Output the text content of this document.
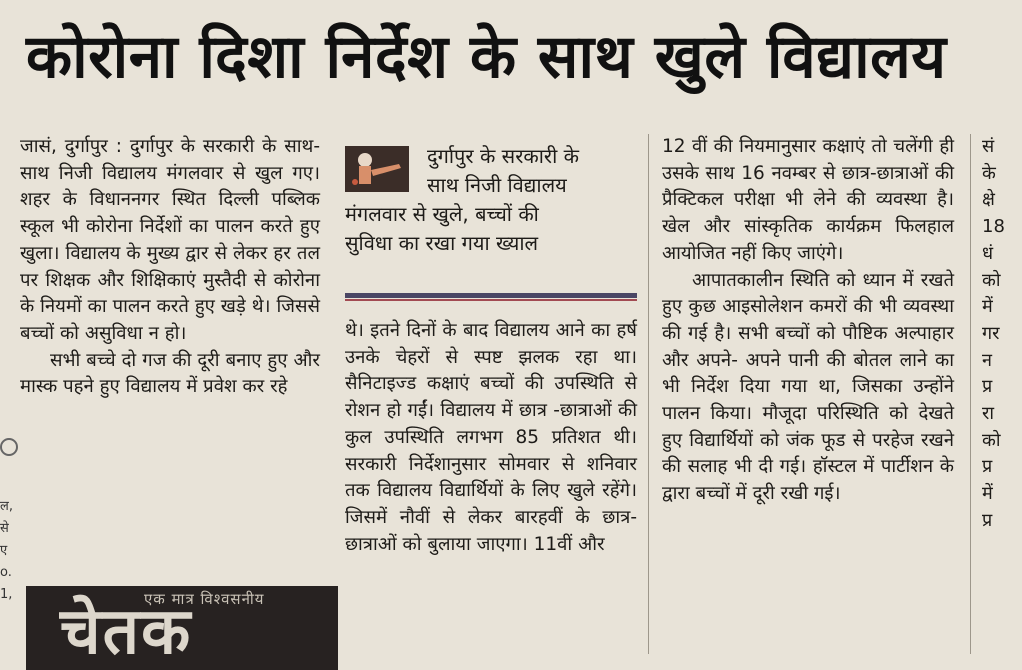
कोरोना दिशा निर्देश के साथ खुले विद्यालय

जासं, दुर्गापुर : दुर्गापुर के सरकारी के साथ-साथ निजी विद्यालय मंगलवार से खुल गए। शहर के विधाननगर स्थित दिल्ली पब्लिक स्कूल भी कोरोना निर्देशों का पालन करते हुए खुला। विद्यालय के मुख्य द्वार से लेकर हर तल पर शिक्षक और शिक्षिकाएं मुस्तैदी से कोरोना के नियमों का पालन करते हुए खड़े थे। जिससे बच्चों को असुविधा न हो।

सभी बच्चे दो गज की दूरी बनाए हुए और मास्क पहने हुए विद्यालय में प्रवेश कर रहे

दुर्गापुर के सरकारी के
साथ निजी विद्यालय
मंगलवार से खुले, बच्चों की
सुविधा का रखा गया ख्याल

थे। इतने दिनों के बाद विद्यालय आने का हर्ष उनके चेहरों से स्पष्ट झलक रहा था। सैनिटाइज्ड कक्षाएं बच्चों की उपस्थिति से रोशन हो गईं। विद्यालय में छात्र -छात्राओं की कुल उपस्थिति लगभग 85 प्रतिशत थी। सरकारी निर्देशानुसार सोमवार से शनिवार तक विद्यालय विद्यार्थियों के लिए खुले रहेंगे। जिसमें नौवीं से लेकर बारहवीं के छात्र- छात्राओं को बुलाया जाएगा। 11वीं और

12 वीं की नियमानुसार कक्षाएं तो चलेंगी ही उसके साथ 16 नवम्बर से छात्र-छात्राओं की प्रैक्टिकल परीक्षा भी लेने की व्यवस्था है। खेल और सांस्कृतिक कार्यक्रम फिलहाल आयोजित नहीं किए जाएंगे।

आपातकालीन स्थिति को ध्यान में रखते हुए कुछ आइसोलेशन कमरों की भी व्यवस्था की गई है। सभी बच्चों को पौष्टिक अल्पाहार और अपने- अपने पानी की बोतल लाने का भी निर्देश दिया गया था, जिसका उन्होंने पालन किया। मौजूदा परिस्थिति को देखते हुए विद्यार्थियों को जंक फूड से परहेज रखने की सलाह भी दी गई। हॉस्टल में पार्टीशन के द्वारा बच्चों में दूरी रखी गई।

सं
के
क्षे
18
धं
को
में
गर
न
प्र
रा
को
प्र
में
प्र
ल,
से
ए
o.
1,	एक मात्र विश्वसनीय
चेतक
